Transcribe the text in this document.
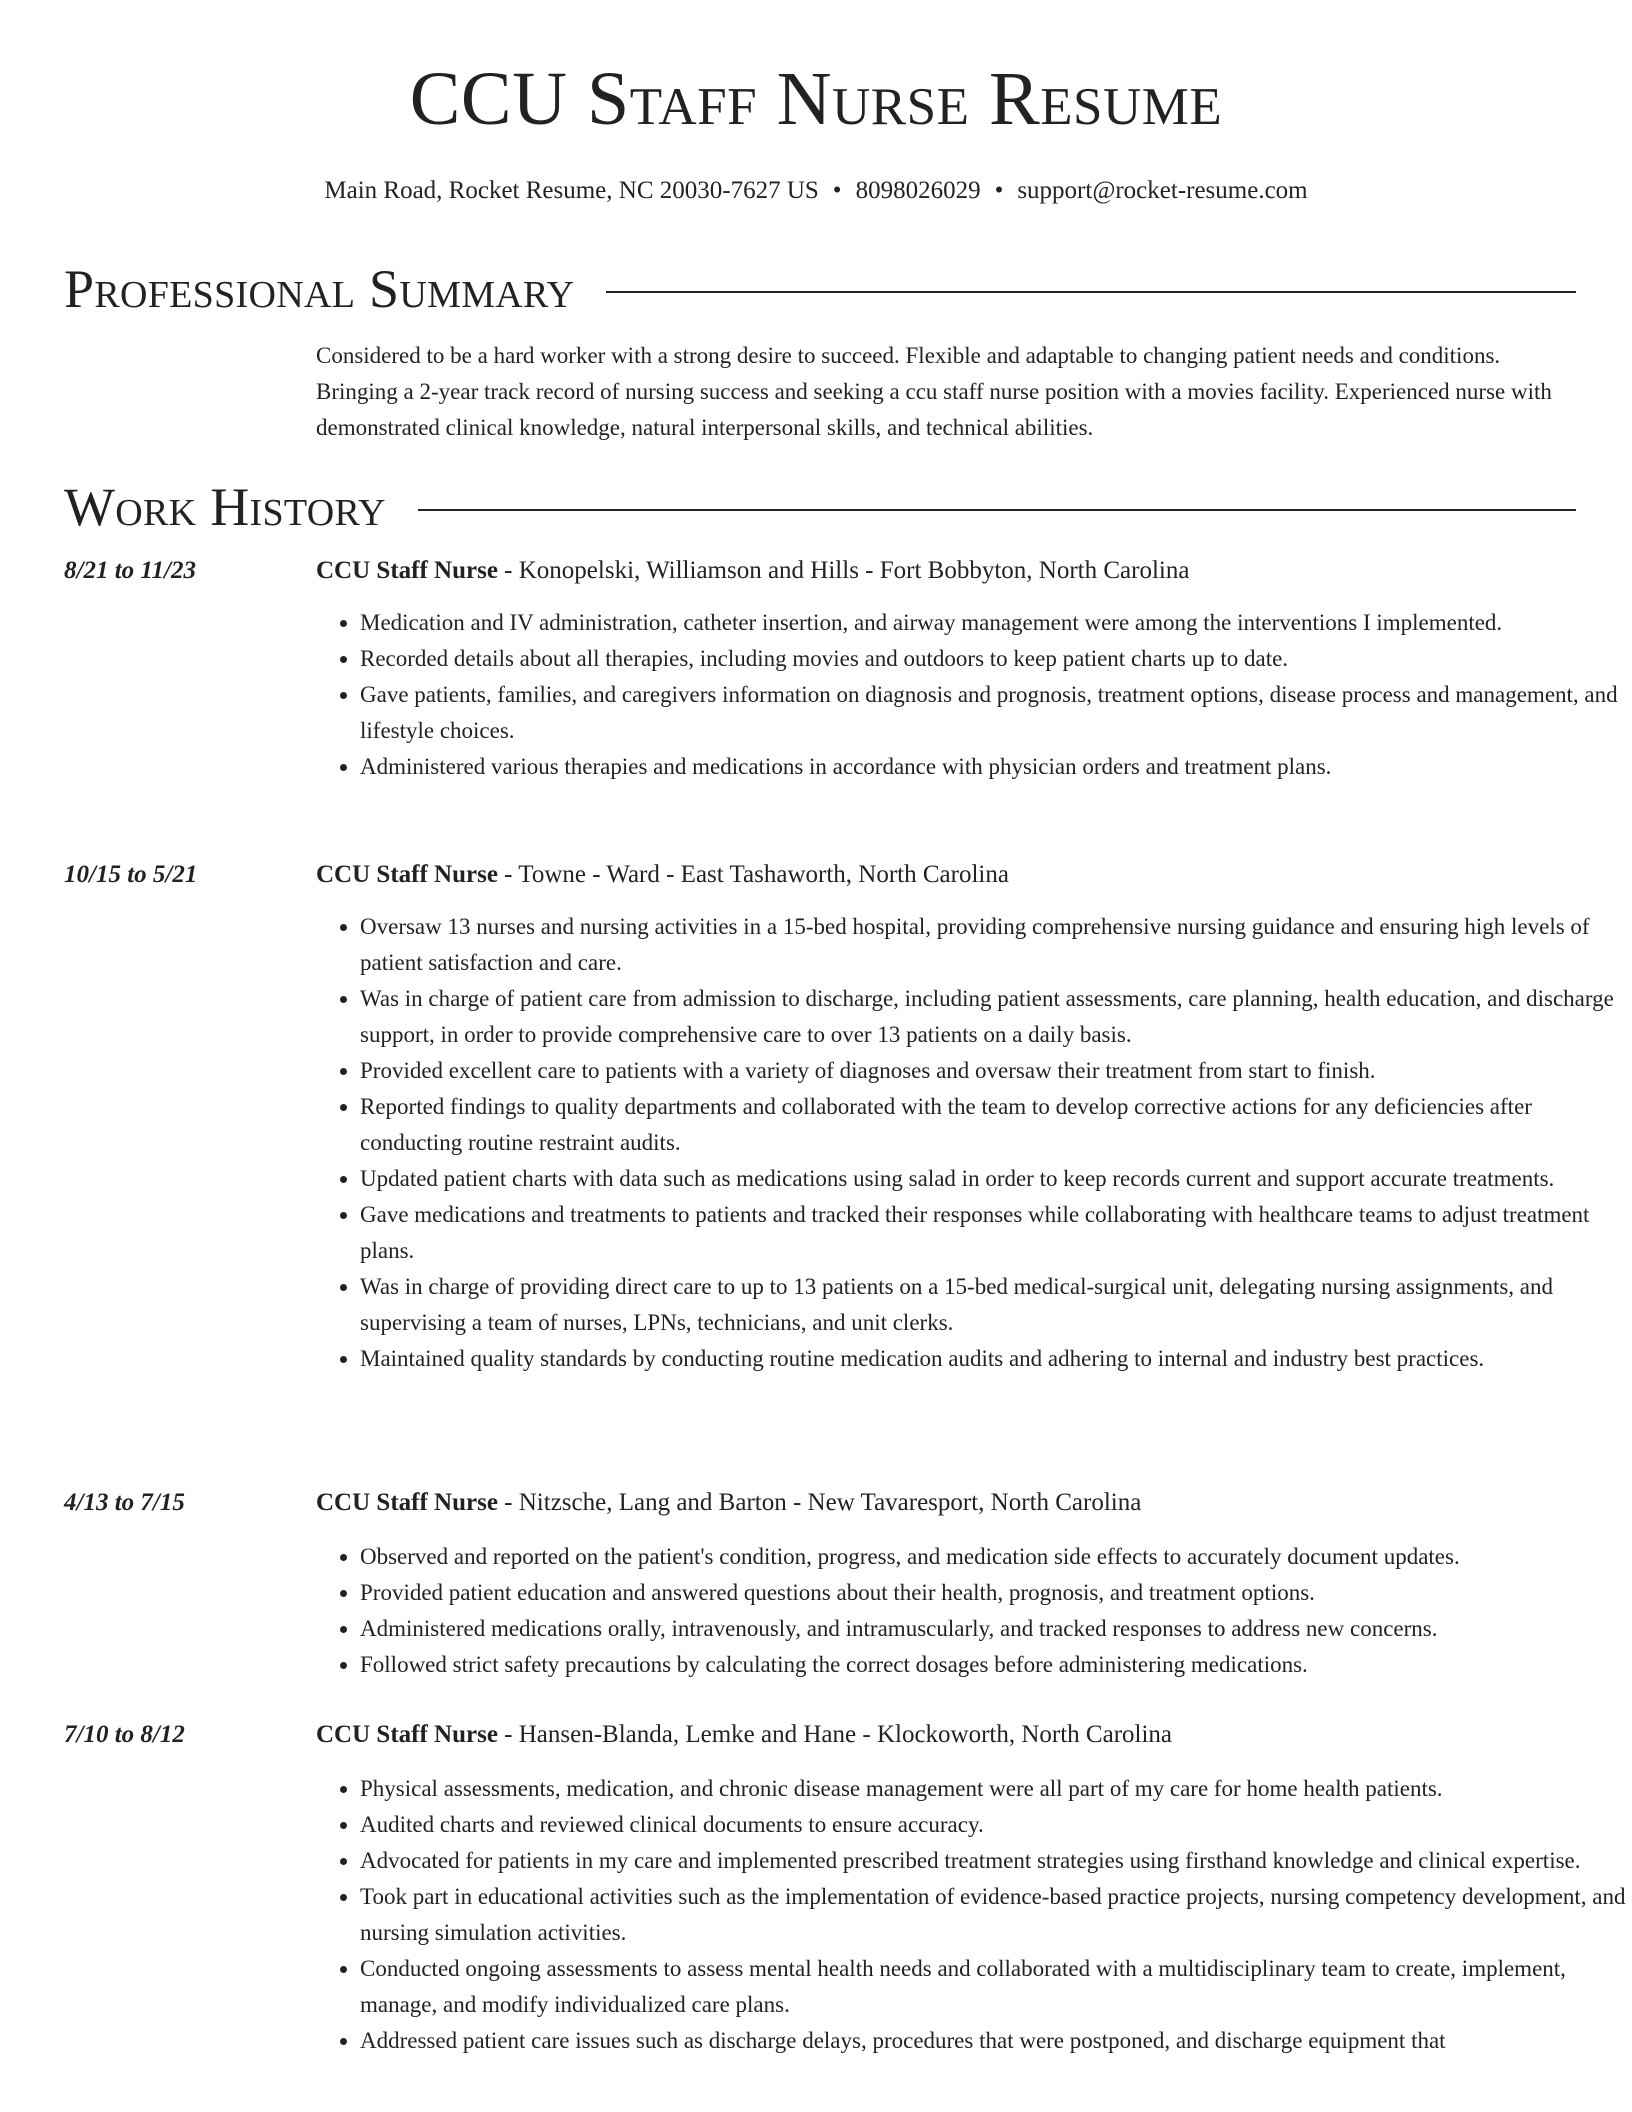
CCU Staff Nurse Resume
Main Road, Rocket Resume, NC 20030-7627 US • 8098026029 • support@rocket-resume.com
Professional Summary
Considered to be a hard worker with a strong desire to succeed. Flexible and adaptable to changing patient needs and conditions. Bringing a 2-year track record of nursing success and seeking a ccu staff nurse position with a movies facility. Experienced nurse with demonstrated clinical knowledge, natural interpersonal skills, and technical abilities.
Work History
8/21 to 11/23	CCU Staff Nurse - Konopelski, Williamson and Hills - Fort Bobbyton, North Carolina
• Medication and IV administration, catheter insertion, and airway management were among the interventions I implemented.
• Recorded details about all therapies, including movies and outdoors to keep patient charts up to date.
• Gave patients, families, and caregivers information on diagnosis and prognosis, treatment options, disease process and management, and lifestyle choices.
• Administered various therapies and medications in accordance with physician orders and treatment plans.
10/15 to 5/21	CCU Staff Nurse - Towne - Ward - East Tashaworth, North Carolina
• Oversaw 13 nurses and nursing activities in a 15-bed hospital, providing comprehensive nursing guidance and ensuring high levels of patient satisfaction and care.
• Was in charge of patient care from admission to discharge, including patient assessments, care planning, health education, and discharge support, in order to provide comprehensive care to over 13 patients on a daily basis.
• Provided excellent care to patients with a variety of diagnoses and oversaw their treatment from start to finish.
• Reported findings to quality departments and collaborated with the team to develop corrective actions for any deficiencies after conducting routine restraint audits.
• Updated patient charts with data such as medications using salad in order to keep records current and support accurate treatments.
• Gave medications and treatments to patients and tracked their responses while collaborating with healthcare teams to adjust treatment plans.
• Was in charge of providing direct care to up to 13 patients on a 15-bed medical-surgical unit, delegating nursing assignments, and supervising a team of nurses, LPNs, technicians, and unit clerks.
• Maintained quality standards by conducting routine medication audits and adhering to internal and industry best practices.
4/13 to 7/15	CCU Staff Nurse - Nitzsche, Lang and Barton - New Tavaresport, North Carolina
• Observed and reported on the patient's condition, progress, and medication side effects to accurately document updates.
• Provided patient education and answered questions about their health, prognosis, and treatment options.
• Administered medications orally, intravenously, and intramuscularly, and tracked responses to address new concerns.
• Followed strict safety precautions by calculating the correct dosages before administering medications.
7/10 to 8/12	CCU Staff Nurse - Hansen-Blanda, Lemke and Hane - Klockoworth, North Carolina
• Physical assessments, medication, and chronic disease management were all part of my care for home health patients.
• Audited charts and reviewed clinical documents to ensure accuracy.
• Advocated for patients in my care and implemented prescribed treatment strategies using firsthand knowledge and clinical expertise.
• Took part in educational activities such as the implementation of evidence-based practice projects, nursing competency development, and nursing simulation activities.
• Conducted ongoing assessments to assess mental health needs and collaborated with a multidisciplinary team to create, implement, manage, and modify individualized care plans.
• Addressed patient care issues such as discharge delays, procedures that were postponed, and discharge equipment that
